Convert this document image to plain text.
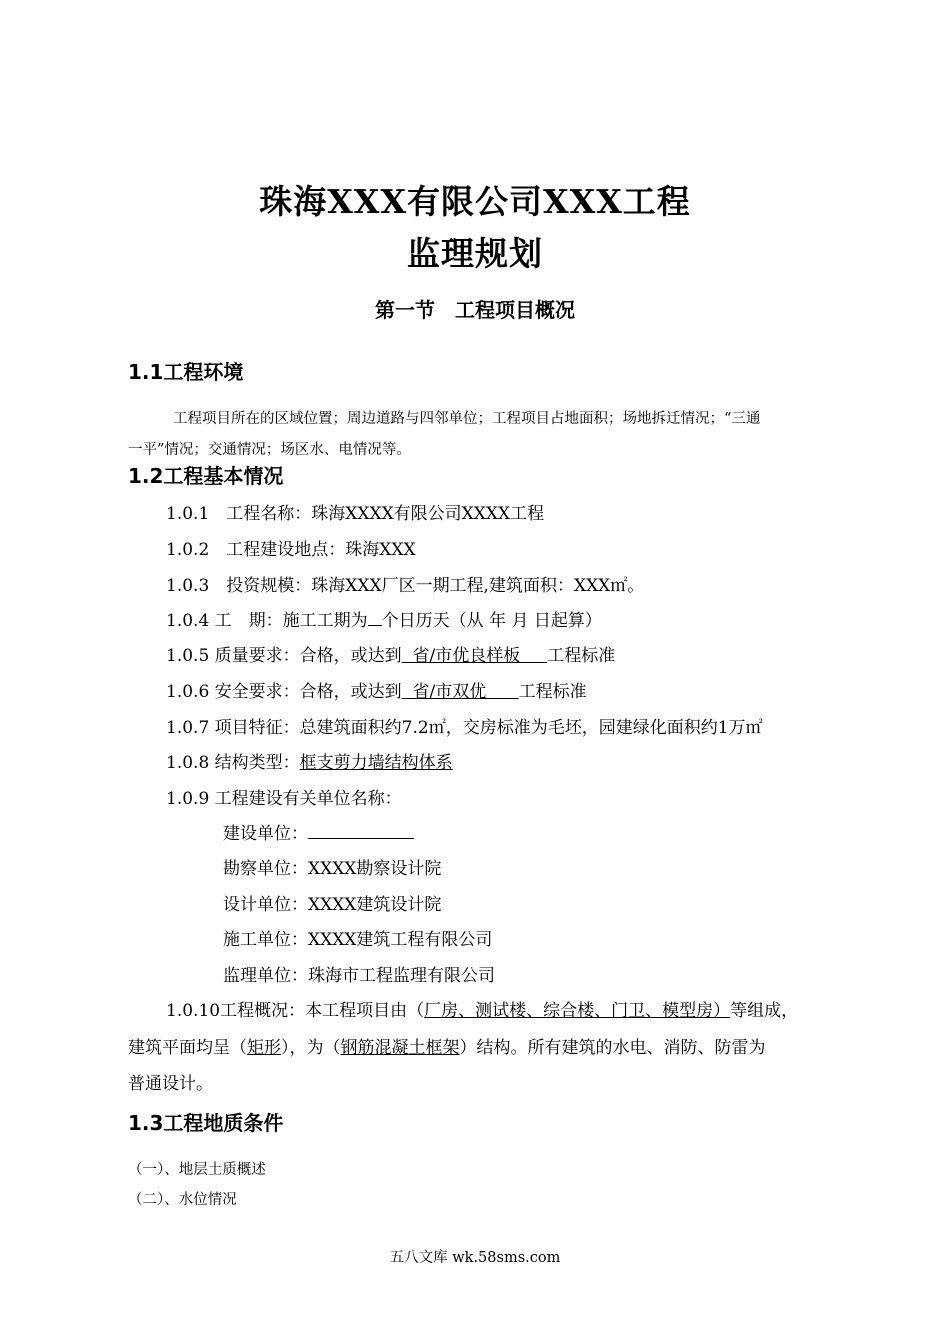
珠海XXX有限公司XXX工程
监理规划
第一节　工程项目概况
1.1工程环境
工程项目所在的区域位置；周边道路与四邻单位；工程项目占地面积；场地拆迁情况；“三通
一平”情况；交通情况；场区水、电情况等。
1.2工程基本情况
1.0.1　工程名称：珠海XXXX有限公司XXXX工程
1.0.2　工程建设地点：珠海XXX
1.0.3　投资规模：珠海XXX厂区一期工程,建筑面积：XXX㎡。
1.0.4 工　期：施工工期为 个日历天（从 年 月 日起算）
1.0.5 质量要求：合格，或达到  省/市优良样板     工程标准
1.0.6 安全要求：合格，或达到  省/市双优      工程标准
1.0.7 项目特征：总建筑面积约7.2㎡，交房标准为毛坯，园建绿化面积约1万㎡
1.0.8 结构类型：框支剪力墙结构体系
1.0.9 工程建设有关单位名称：
建设单位：
勘察单位：XXXX勘察设计院
设计单位：XXXX建筑设计院
施工单位：XXXX建筑工程有限公司
监理单位：珠海市工程监理有限公司
1.0.10工程概况：本工程项目由（厂房、测试楼、综合楼、门卫、模型房）等组成，
建筑平面均呈（矩形），为（钢筋混凝土框架）结构。所有建筑的水电、消防、防雷为
普通设计。
1.3工程地质条件
（一）、地层土质概述
（二）、水位情况
五八文库 wk.58sms.com
